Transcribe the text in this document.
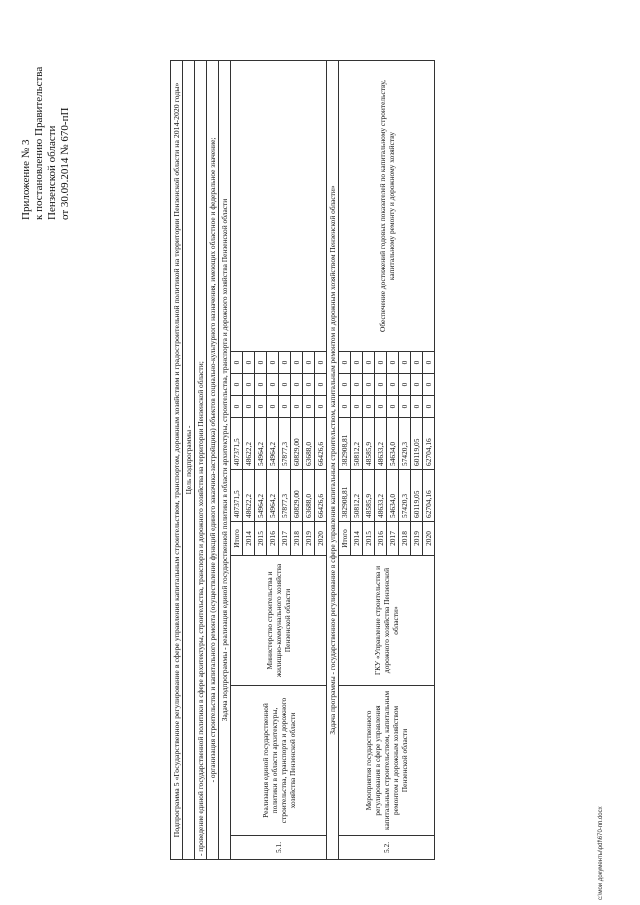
Приложение № 3 к постановлению Правительства Пензенской области от 30.09.2014 № 670-пП	Подпрограмма 5 «Государственное регулирование в сфере управления капитальным строительством, транспортом, дорожным хозяйством и градостроительной политикой на территории Пензенской области на 2014-2020 годы»									
Цель подпрограммы -									
- проведение единой государственной политики в сфере архитектуры, строительства, транспорта и дорожного хозяйства на территории Пензенской области;									
- организация строительства и капитального ремонта (осуществление функций единого заказчика-застройщика) объектов социально-культурного назначения, имеющих областное и федеральное значение;									
Задача подпрограммы - реализация единой государственной политики в области архитектуры, строительства, транспорта и дорожного хозяйства Пензенской области									
5.1.	Реализация единой государственной политики в области архитектуры, строительства, транспорта и дорожного хозяйства Пензенской области	Министерство строительства и жилищно-коммунального хозяйства Пензенской области	Итого	407371,5	407371,5	0	0	0	
			2014	48622,2	48622,2	0	0	0	
			2015	54964,2	54964,2	0	0	0	
			2016	54964,2	54964,2	0	0	0	
			2017	57877,3	57877,3	0	0	0	
			2018	60829,00	60829,00	0	0	0	
			2019	63688,0	63688,0	0	0	0	
			2020	66426,6	66426,6	0	0	0	
Задача программы - государственное регулирование в сфере управления капитальным строительством, капитальным ремонтом и дорожным хозяйством Пензенской области»									
5.2.	Мероприятия государственного регулирования в сфере управления капитальным строительством, капитальным ремонтом и дорожным хозяйством Пензенской области	ГКУ «Управление строительства и дорожного хозяйства Пензенской области»	Итого	382908,81	382908,81	0	0	0	Обеспечение достижений годовых показателей по капитальному строительству, капитальному ремонту и дорожному хозяйству
			2014	50812,2	50812,2	0	0	0	
			2015	48585,9	48585,9	0	0	0	
			2016	48633,2	48633,2	0	0	0	
			2017	54634,0	54634,0	0	0	0	
			2018	57420,3	57420,3	0	0	0	
			2019	60119,05	60119,05	0	0	0	
			2020	62704,16	62704,16	0	0	0	
c:\мои документы\pdf\670-пп.docx
